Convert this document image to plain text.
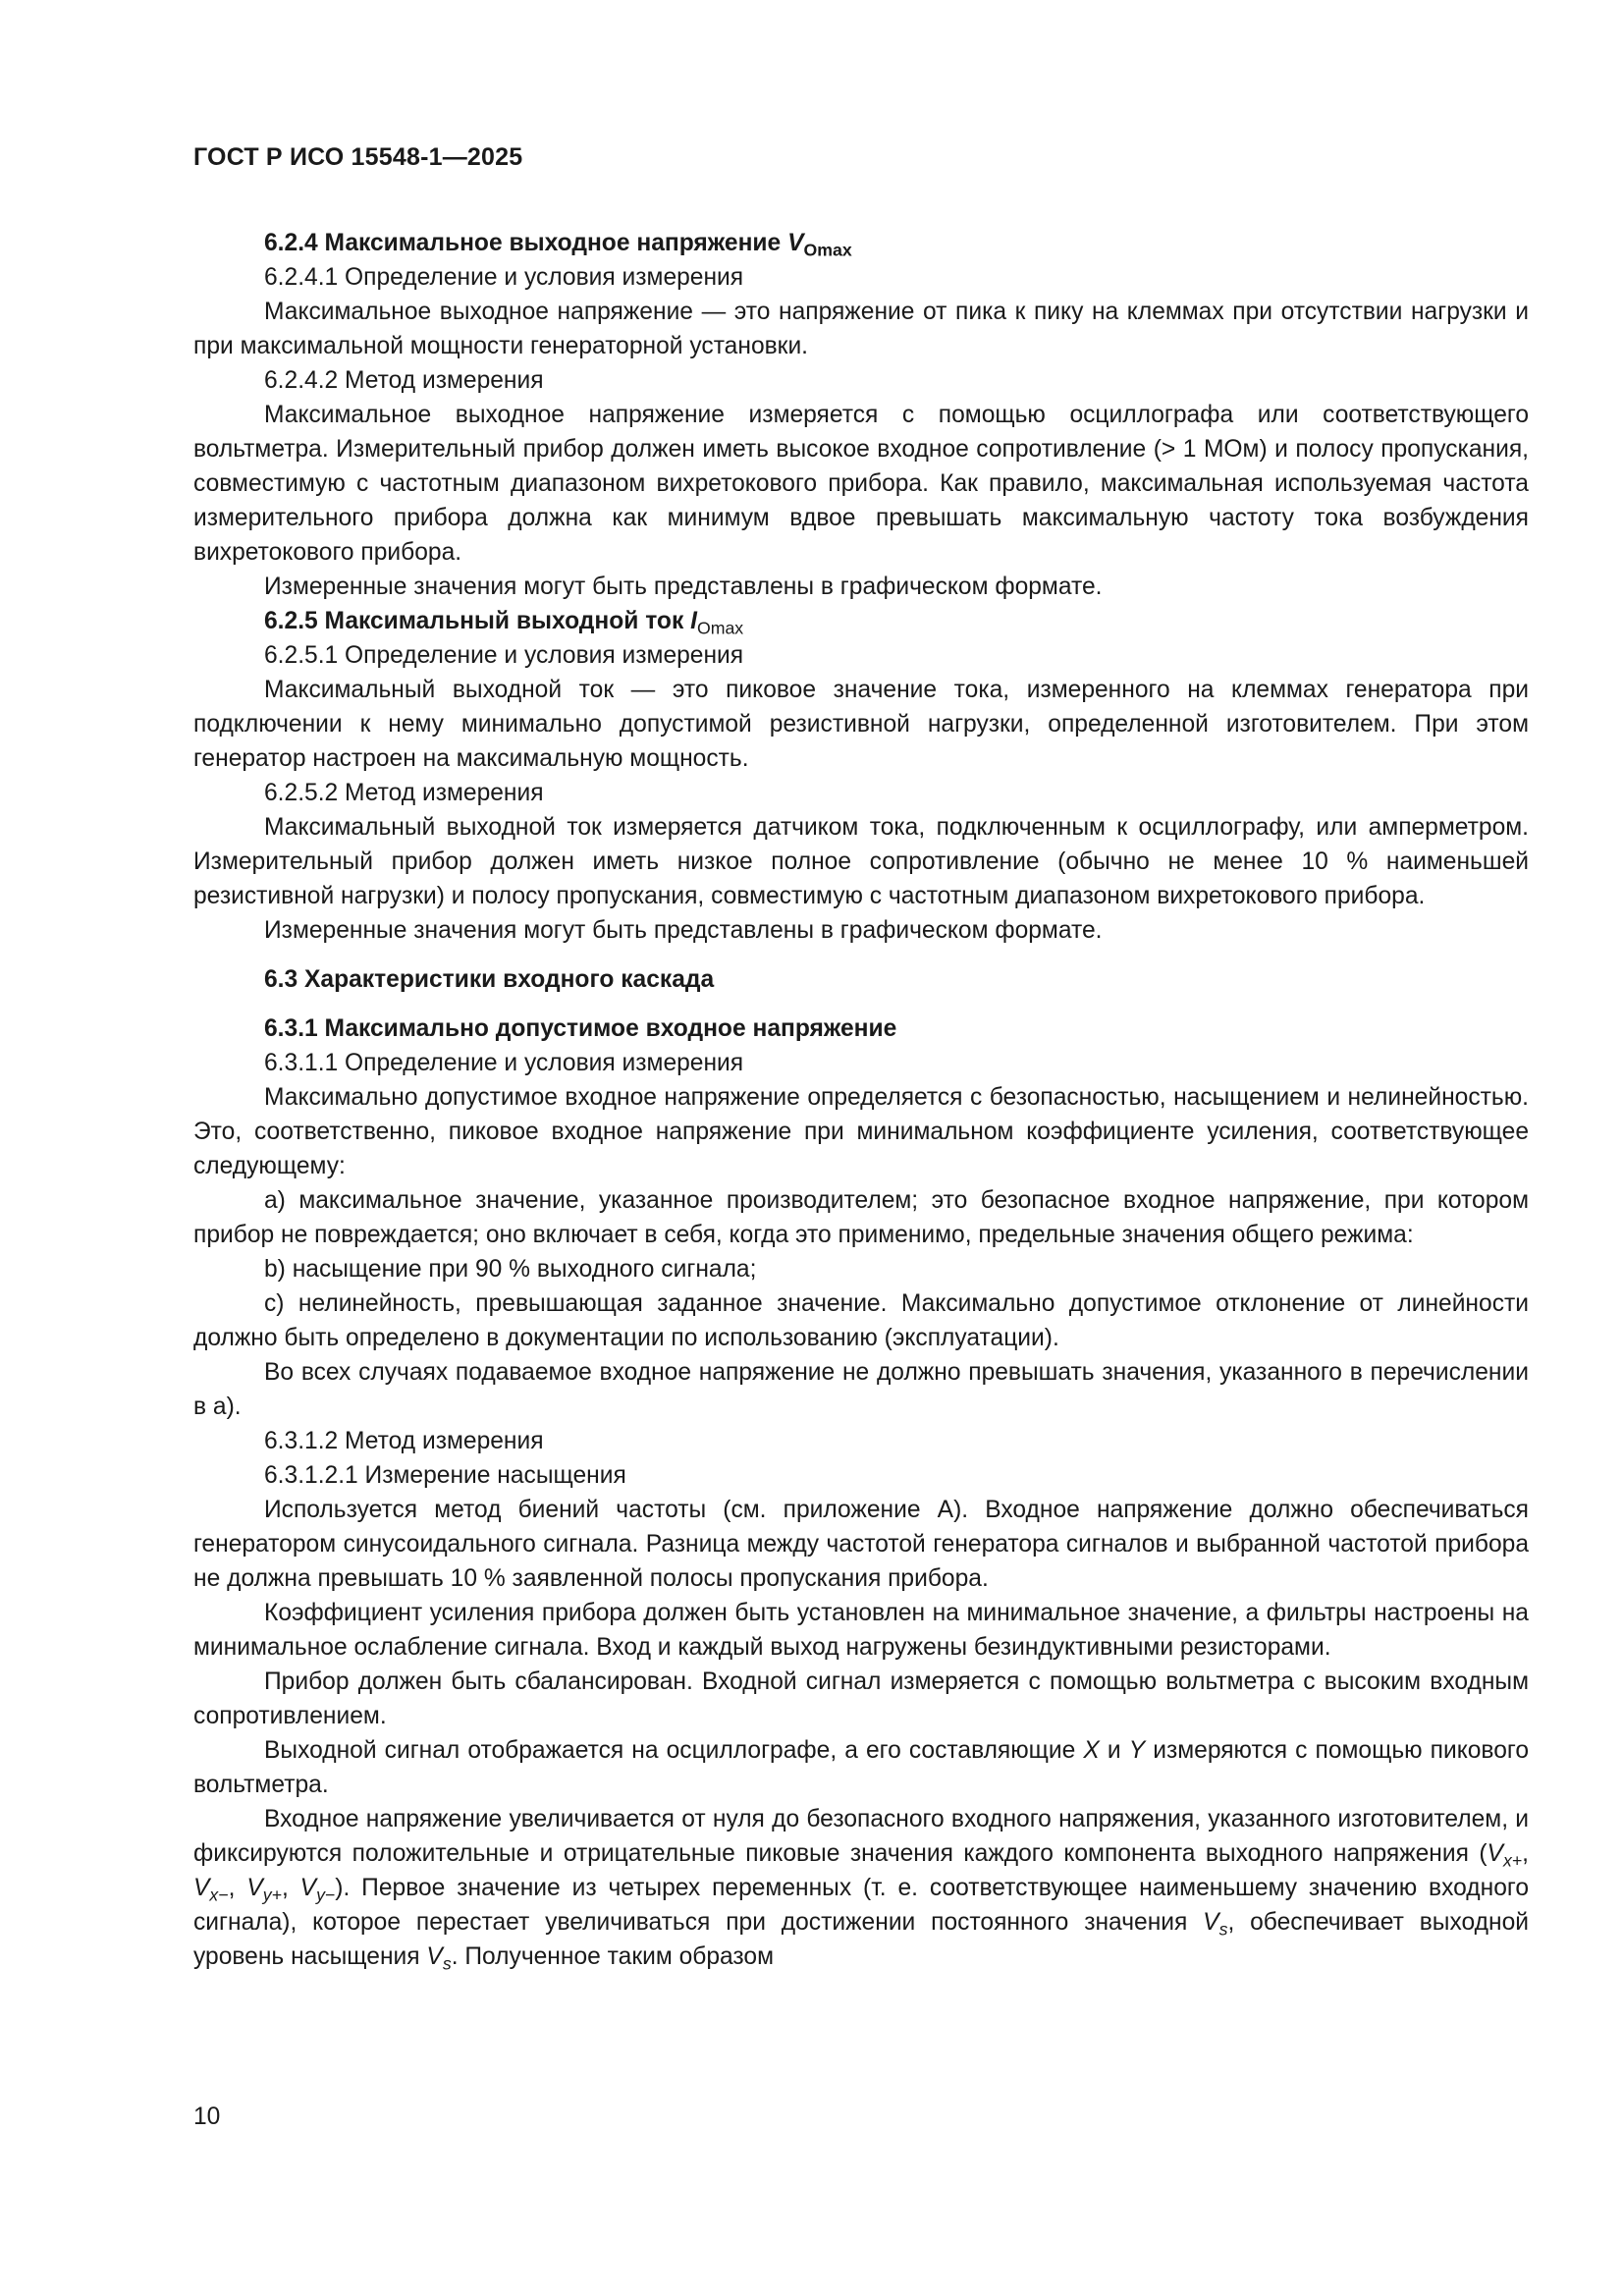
ГОСТ Р ИСО 15548-1—2025

6.2.4 Максимальное выходное напряжение $V_{Omax}$

6.2.4.1 Определение и условия измерения

Максимальное выходное напряжение — это напряжение от пика к пику на клеммах при отсутствии нагрузки и при максимальной мощности генераторной установки.

6.2.4.2 Метод измерения

Максимальное выходное напряжение измеряется с помощью осциллографа или соответствующего вольтметра. Измерительный прибор должен иметь высокое входное сопротивление (> 1 МОм) и полосу пропускания, совместимую с частотным диапазоном вихретокового прибора. Как правило, максимальная используемая частота измерительного прибора должна как минимум вдвое превышать максимальную частоту тока возбуждения вихретокового прибора.

Измеренные значения могут быть представлены в графическом формате.

6.2.5 Максимальный выходной ток $I_{Omax}$

6.2.5.1 Определение и условия измерения

Максимальный выходной ток — это пиковое значение тока, измеренного на клеммах генератора при подключении к нему минимально допустимой резистивной нагрузки, определенной изготовителем. При этом генератор настроен на максимальную мощность.

6.2.5.2 Метод измерения

Максимальный выходной ток измеряется датчиком тока, подключенным к осциллографу, или амперметром. Измерительный прибор должен иметь низкое полное сопротивление (обычно не менее 10 % наименьшей резистивной нагрузки) и полосу пропускания, совместимую с частотным диапазоном вихретокового прибора.

Измеренные значения могут быть представлены в графическом формате.

6.3 Характеристики входного каскада

6.3.1 Максимально допустимое входное напряжение

6.3.1.1 Определение и условия измерения

Максимально допустимое входное напряжение определяется с безопасностью, насыщением и нелинейностью. Это, соответственно, пиковое входное напряжение при минимальном коэффициенте усиления, соответствующее следующему:

a) максимальное значение, указанное производителем; это безопасное входное напряжение, при котором прибор не повреждается; оно включает в себя, когда это применимо, предельные значения общего режима:

b) насыщение при 90 % выходного сигнала;

c) нелинейность, превышающая заданное значение. Максимально допустимое отклонение от линейности должно быть определено в документации по использованию (эксплуатации).

Во всех случаях подаваемое входное напряжение не должно превышать значения, указанного в перечислении в а).

6.3.1.2 Метод измерения

6.3.1.2.1 Измерение насыщения

Используется метод биений частоты (см. приложение А). Входное напряжение должно обеспечиваться генератором синусоидального сигнала. Разница между частотой генератора сигналов и выбранной частотой прибора не должна превышать 10 % заявленной полосы пропускания прибора.

Коэффициент усиления прибора должен быть установлен на минимальное значение, а фильтры настроены на минимальное ослабление сигнала. Вход и каждый выход нагружены безиндуктивными резисторами.

Прибор должен быть сбалансирован. Входной сигнал измеряется с помощью вольтметра с высоким входным сопротивлением.

Выходной сигнал отображается на осциллографе, а его составляющие X и Y измеряются с помощью пикового вольтметра.

Входное напряжение увеличивается от нуля до безопасного входного напряжения, указанного изготовителем, и фиксируются положительные и отрицательные пиковые значения каждого компонента выходного напряжения ($V_{x+}$, $V_{x-}$, $V_{y+}$, $V_{y-}$). Первое значение из четырех переменных (т. е. соответствующее наименьшему значению входного сигнала), которое перестает увеличиваться при достижении постоянного значения $V_s$, обеспечивает выходной уровень насыщения $V_s$. Полученное таким образом

10
